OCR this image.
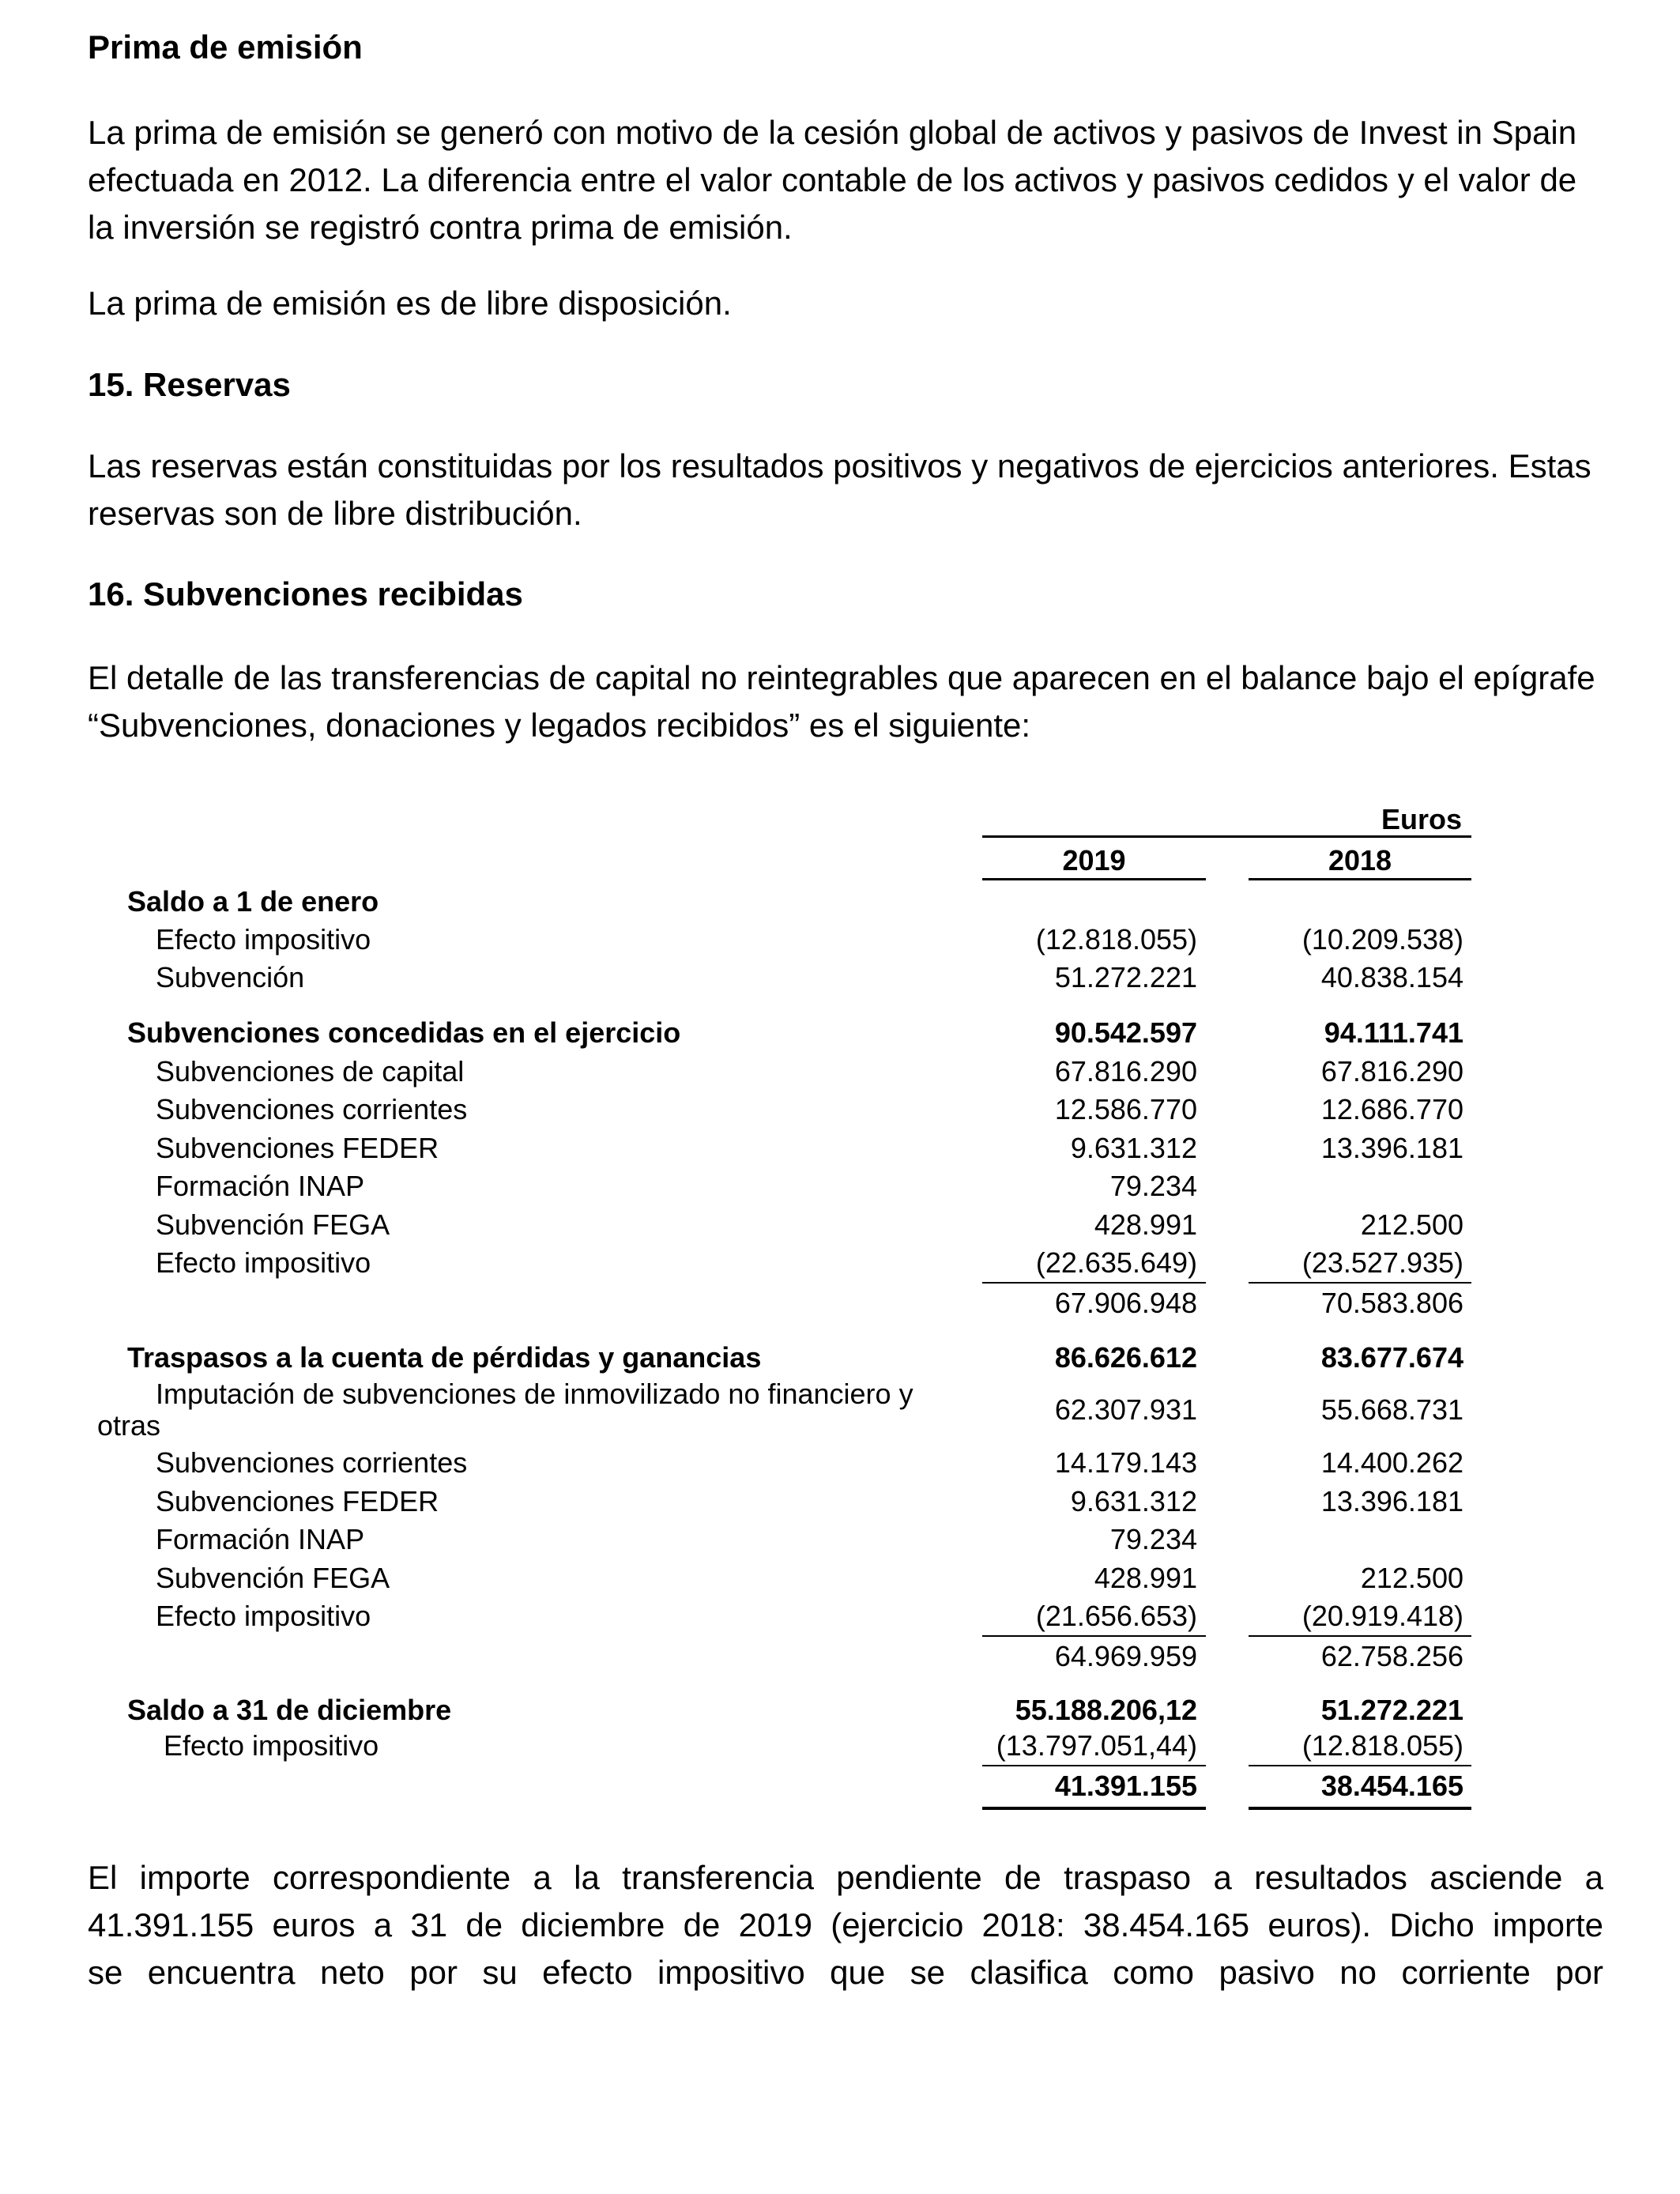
Prima de emisión

La prima de emisión se generó con motivo de la cesión global de activos y pasivos de Invest in Spain efectuada en 2012. La diferencia entre el valor contable de los activos y pasivos cedidos y el valor de la inversión se registró contra prima de emisión.

La prima de emisión es de libre disposición.

15. Reservas

Las reservas están constituidas por los resultados positivos y negativos de ejercicios anteriores. Estas reservas son de libre distribución.

16. Subvenciones recibidas

El detalle de las transferencias de capital no reintegrables que aparecen en el balance bajo el epígrafe “Subvenciones, donaciones y legados recibidos” es el siguiente:

Euros
2019	2018
Saldo a 1 de enero
Efecto impositivo	(12.818.055)	(10.209.538)
Subvención	51.272.221	40.838.154
Subvenciones concedidas en el ejercicio	90.542.597	94.111.741
Subvenciones de capital	67.816.290	67.816.290
Subvenciones corrientes	12.586.770	12.686.770
Subvenciones FEDER	9.631.312	13.396.181
Formación INAP	79.234
Subvención FEGA	428.991	212.500
Efecto impositivo	(22.635.649)	(23.527.935)
67.906.948	70.583.806
Traspasos a la cuenta de pérdidas y ganancias	86.626.612	83.677.674
Imputación de subvenciones de inmovilizado no financiero y
otras	62.307.931	55.668.731
Subvenciones corrientes	14.179.143	14.400.262
Subvenciones FEDER	9.631.312	13.396.181
Formación INAP	79.234
Subvención FEGA	428.991	212.500
Efecto impositivo	(21.656.653)	(20.919.418)
64.969.959	62.758.256
Saldo a 31 de diciembre	55.188.206,12	51.272.221
Efecto impositivo	(13.797.051,44)	(12.818.055)
41.391.155	38.454.165
El importe correspondiente a la transferencia pendiente de traspaso a resultados asciende a
41.391.155 euros a 31 de diciembre de 2019 (ejercicio 2018: 38.454.165 euros). Dicho importe
se encuentra neto por su efecto impositivo que se clasifica como pasivo no corriente por
